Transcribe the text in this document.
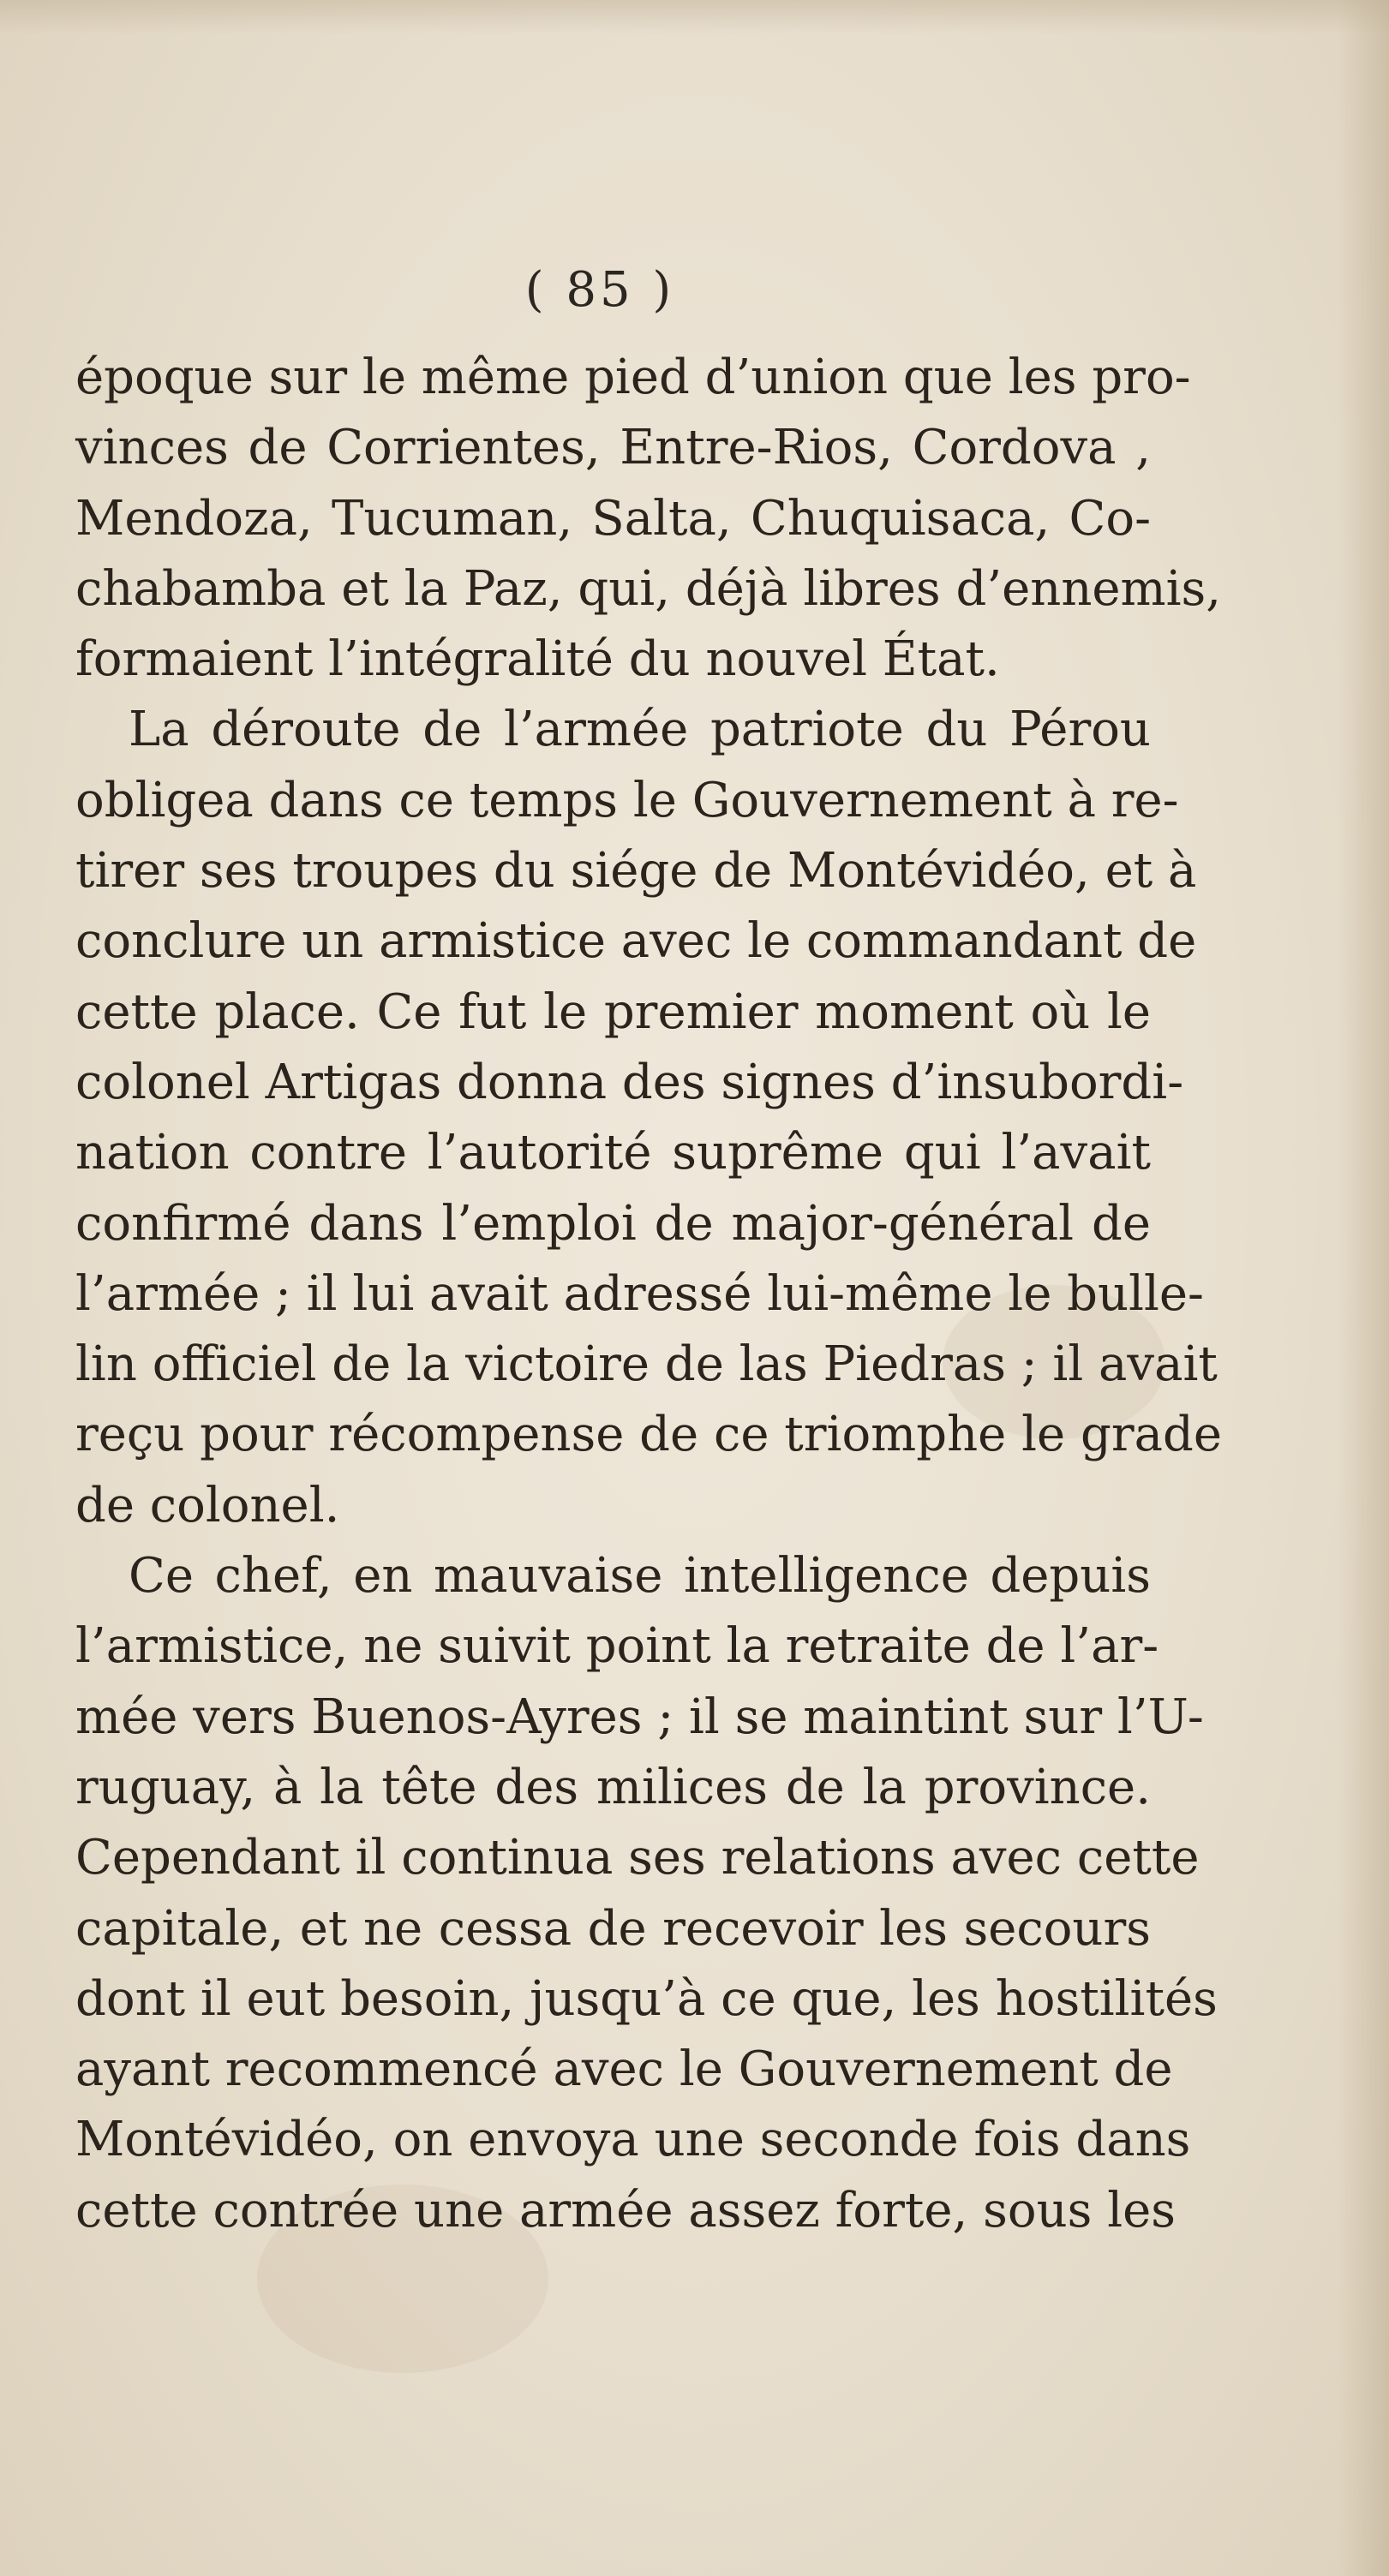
( 85 )
époque sur le même pied d’union que les pro-
vinces de Corrientes, Entre-Rios, Cordova ,
Mendoza, Tucuman, Salta, Chuquisaca, Co-
chabamba et la Paz, qui, déjà libres d’ennemis,
formaient l’intégralité du nouvel État.
La déroute de l’armée patriote du Pérou
obligea dans ce temps le Gouvernement à re-
tirer ses troupes du siége de Montévidéo, et à
conclure un armistice avec le commandant de
cette place. Ce fut le premier moment où le
colonel Artigas donna des signes d’insubordi-
nation contre l’autorité suprême qui l’avait
confirmé dans l’emploi de major-général de
l’armée ; il lui avait adressé lui-même le bulle-
lin officiel de la victoire de las Piedras ; il avait
reçu pour récompense de ce triomphe le grade
de colonel.
Ce chef, en mauvaise intelligence depuis
l’armistice, ne suivit point la retraite de l’ar-
mée vers Buenos-Ayres ; il se maintint sur l’U-
ruguay, à la tête des milices de la province.
Cependant il continua ses relations avec cette
capitale, et ne cessa de recevoir les secours
dont il eut besoin, jusqu’à ce que, les hostilités
ayant recommencé avec le Gouvernement de
Montévidéo, on envoya une seconde fois dans
cette contrée une armée assez forte, sous les
